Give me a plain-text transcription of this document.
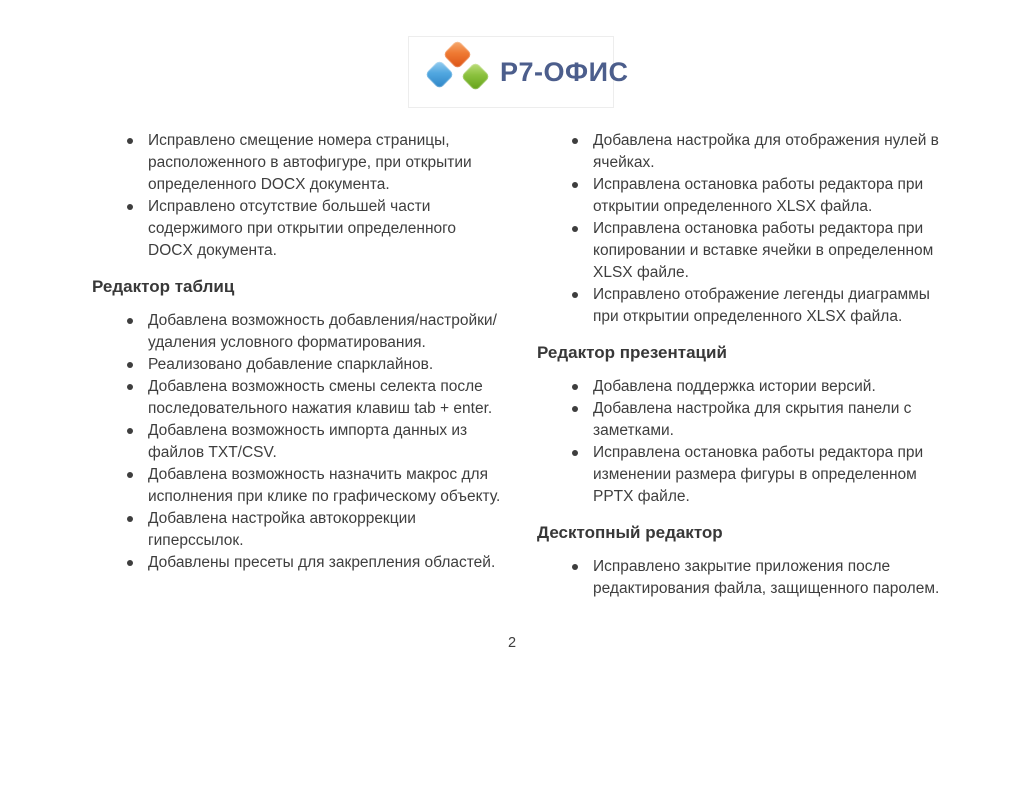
Р7-ОФИС
Исправлено смещение номера страницы, расположенного в автофигуре, при открытии определенного DOCX документа.
Исправлено отсутствие большей части содержимого при открытии определенного DOCX документа.
Редактор таблиц
Добавлена возможность добавления/настройки/удаления условного форматирования.
Реализовано добавление спарклайнов.
Добавлена возможность смены селекта после последовательного нажатия клавиш tab + enter.
Добавлена возможность импорта данных из файлов TXT/CSV.
Добавлена возможность назначить макрос для исполнения при клике по графическому объекту.
Добавлена настройка автокоррекции гиперссылок.
Добавлены пресеты для закрепления областей.
Добавлена настройка для отображения нулей в ячейках.
Исправлена остановка работы редактора при открытии определенного XLSX файла.
Исправлена остановка работы редактора при копировании и вставке ячейки в определенном XLSX файле.
Исправлено отображение легенды диаграммы при открытии определенного XLSX файла.
Редактор презентаций
Добавлена поддержка истории версий.
Добавлена настройка для скрытия панели с заметками.
Исправлена остановка работы редактора при изменении размера фигуры в определенном PPTX файле.
Десктопный редактор
Исправлено закрытие приложения после редактирования файла, защищенного паролем.
2
